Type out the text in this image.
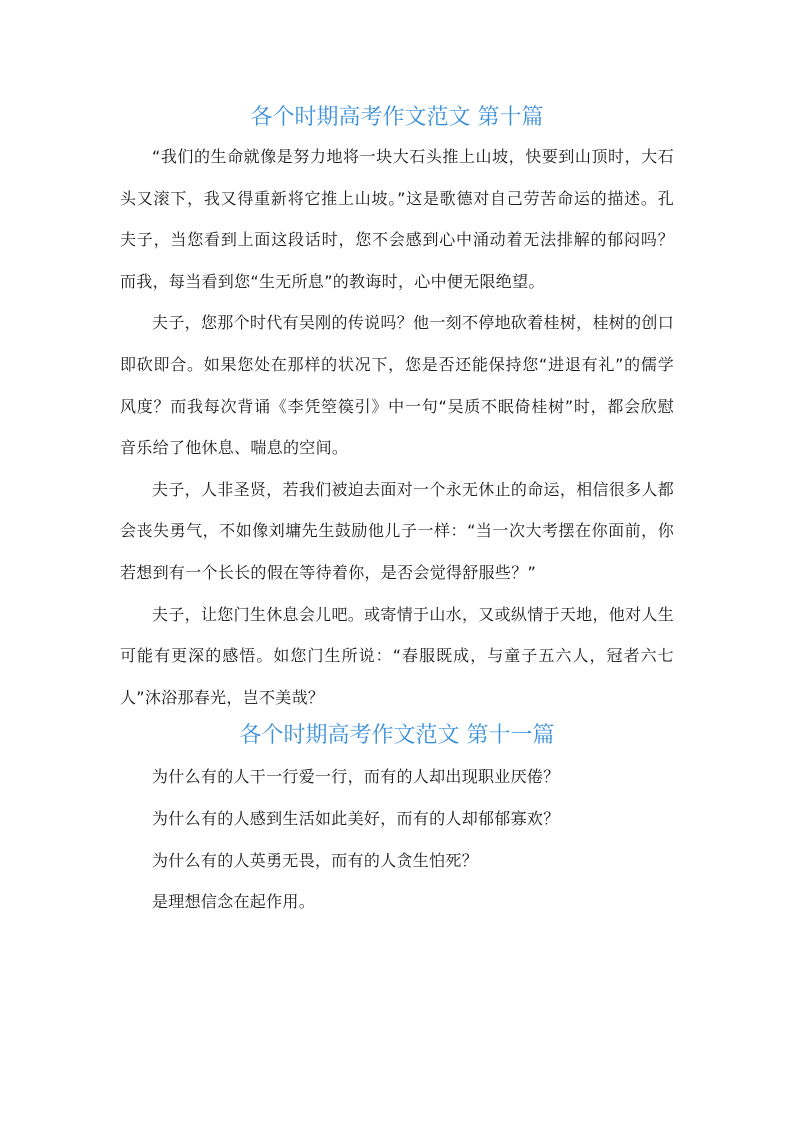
各个时期高考作文范文 第十篇

“我们的生命就像是努力地将一块大石头推上山坡，快要到山顶时，大石头又滚下，我又得重新将它推上山坡。”这是歌德对自己劳苦命运的描述。孔夫子，当您看到上面这段话时，您不会感到心中涌动着无法排解的郁闷吗？而我，每当看到您“生无所息”的教诲时，心中便无限绝望。

夫子，您那个时代有吴刚的传说吗？他一刻不停地砍着桂树，桂树的创口即砍即合。如果您处在那样的状况下，您是否还能保持您“进退有礼”的儒学风度？而我每次背诵《李凭箜篌引》中一句“吴质不眠倚桂树”时，都会欣慰音乐给了他休息、喘息的空间。

夫子，人非圣贤，若我们被迫去面对一个永无休止的命运，相信很多人都会丧失勇气，不如像刘墉先生鼓励他儿子一样：“当一次大考摆在你面前，你若想到有一个长长的假在等待着你，是否会觉得舒服些？”

夫子，让您门生休息会儿吧。或寄情于山水，又或纵情于天地，他对人生可能有更深的感悟。如您门生所说：“春服既成，与童子五六人，冠者六七人”沐浴那春光，岂不美哉？

各个时期高考作文范文 第十一篇

为什么有的人干一行爱一行，而有的人却出现职业厌倦？

为什么有的人感到生活如此美好，而有的人却郁郁寡欢？

为什么有的人英勇无畏，而有的人贪生怕死？

是理想信念在起作用。
